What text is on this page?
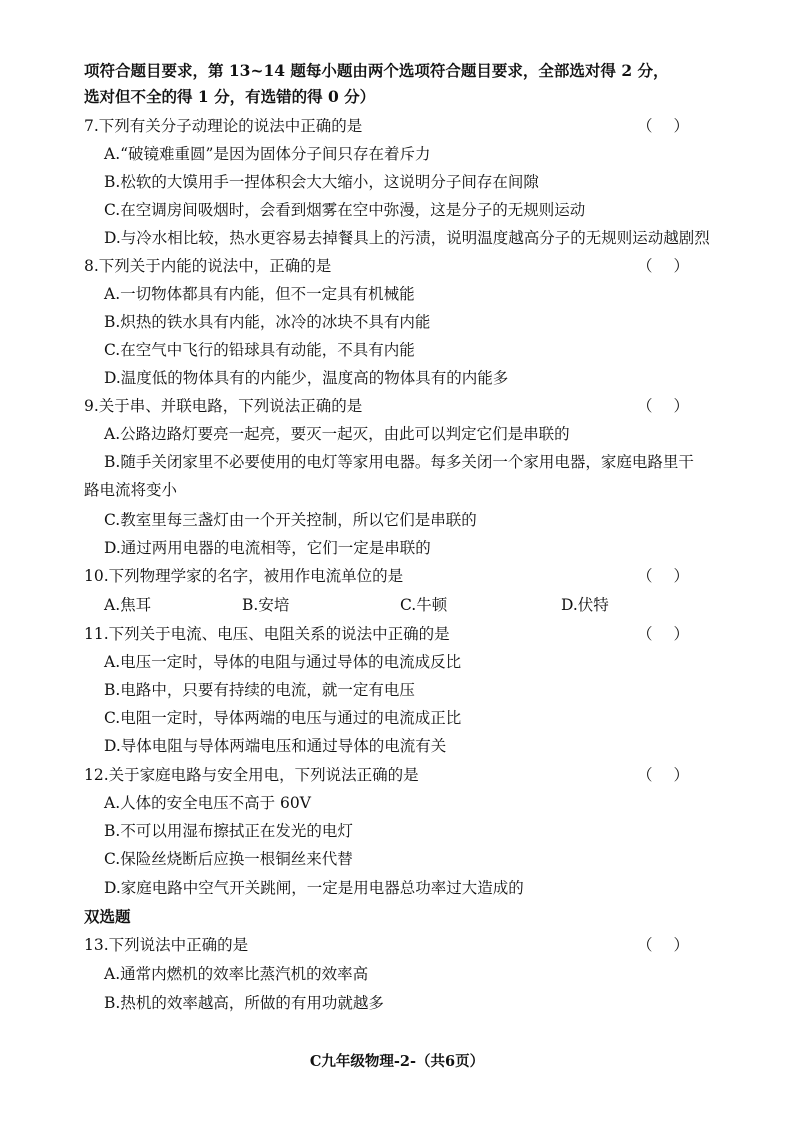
项符合题目要求，第 13~14 题每小题由两个选项符合题目要求，全部选对得 2 分，
选对但不全的得 1 分，有选错的得 0 分）
7.下列有关分子动理论的说法中正确的是	（ ）
A.“破镜难重圆”是因为固体分子间只存在着斥力
B.松软的大馍用手一捏体积会大大缩小，这说明分子间存在间隙
C.在空调房间吸烟时，会看到烟雾在空中弥漫，这是分子的无规则运动
D.与冷水相比较，热水更容易去掉餐具上的污渍，说明温度越高分子的无规则运动越剧烈
8.下列关于内能的说法中，正确的是	（ ）
A.一切物体都具有内能，但不一定具有机械能
B.炽热的铁水具有内能，冰冷的冰块不具有内能
C.在空气中飞行的铅球具有动能，不具有内能
D.温度低的物体具有的内能少，温度高的物体具有的内能多
9.关于串、并联电路，下列说法正确的是	（ ）
A.公路边路灯要亮一起亮，要灭一起灭，由此可以判定它们是串联的
B.随手关闭家里不必要使用的电灯等家用电器。每多关闭一个家用电器，家庭电路里干
路电流将变小
C.教室里每三盏灯由一个开关控制，所以它们是串联的
D.通过两用电器的电流相等，它们一定是串联的
10.下列物理学家的名字，被用作电流单位的是	（ ）
A.焦耳	B.安培	C.牛顿	D.伏特
11.下列关于电流、电压、电阻关系的说法中正确的是	（ ）
A.电压一定时，导体的电阻与通过导体的电流成反比
B.电路中，只要有持续的电流，就一定有电压
C.电阻一定时，导体两端的电压与通过的电流成正比
D.导体电阻与导体两端电压和通过导体的电流有关
12.关于家庭电路与安全用电，下列说法正确的是	（ ）
A.人体的安全电压不高于 60V
B.不可以用湿布擦拭正在发光的电灯
C.保险丝烧断后应换一根铜丝来代替
D.家庭电路中空气开关跳闸，一定是用电器总功率过大造成的
双选题
13.下列说法中正确的是	（ ）
A.通常内燃机的效率比蒸汽机的效率高
B.热机的效率越高，所做的有用功就越多
C九年级物理-2-（共6页）
